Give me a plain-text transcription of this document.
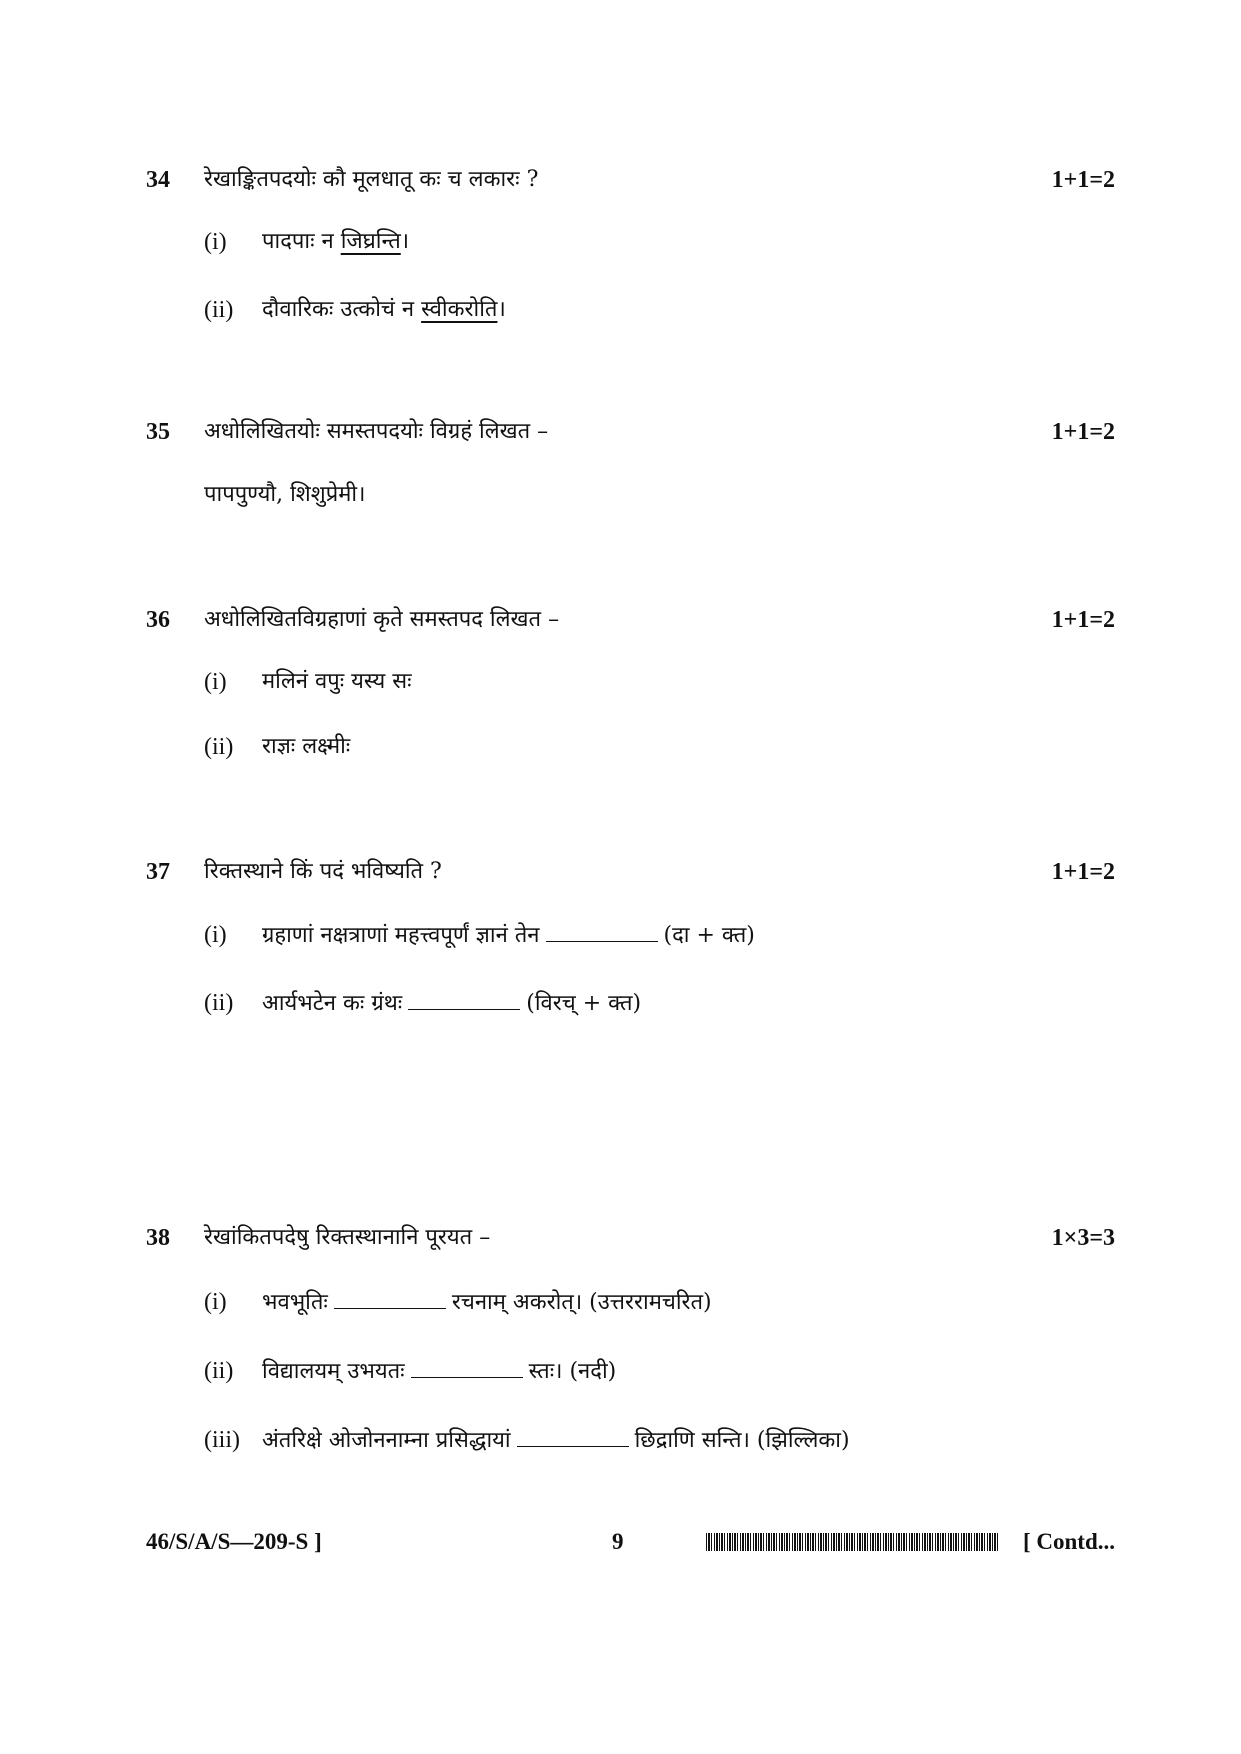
34 रेखाङ्कितपदयोः कौ मूलधातू कः च लकारः ?	1+1=2
(i) पादपाः न जिघ्रन्ति।
(ii) दौवारिकः उत्कोचं न स्वीकरोति।
35 अधोलिखितयोः समस्तपदयोः विग्रहं लिखत –	1+1=2
पापपुण्यौ, शिशुप्रेमी।
36 अधोलिखितविग्रहाणां कृते समस्तपद लिखत –	1+1=2
(i) मलिनं वपुः यस्य सः
(ii) राज्ञः लक्ष्मीः
37 रिक्तस्थाने किं पदं भविष्यति ?	1+1=2
(i) ग्रहाणां नक्षत्राणां महत्त्वपूर्णं ज्ञानं तेन	(दा + क्त)
(ii) आर्यभटेन कः ग्रंथः	(विरच् + क्त)
38 रेखांकितपदेषु रिक्तस्थानानि पूरयत –	1×3=3
(i) भवभूतिः	रचनाम् अकरोत्। (उत्तररामचरित)
(ii) विद्यालयम् उभयतः	स्तः। (नदी)
(iii) अंतरिक्षे ओजोननाम्ना प्रसिद्धायां	छिद्राणि सन्ति। (झिल्लिका)
46/S/A/S—209-S ]	9	[ Contd...
